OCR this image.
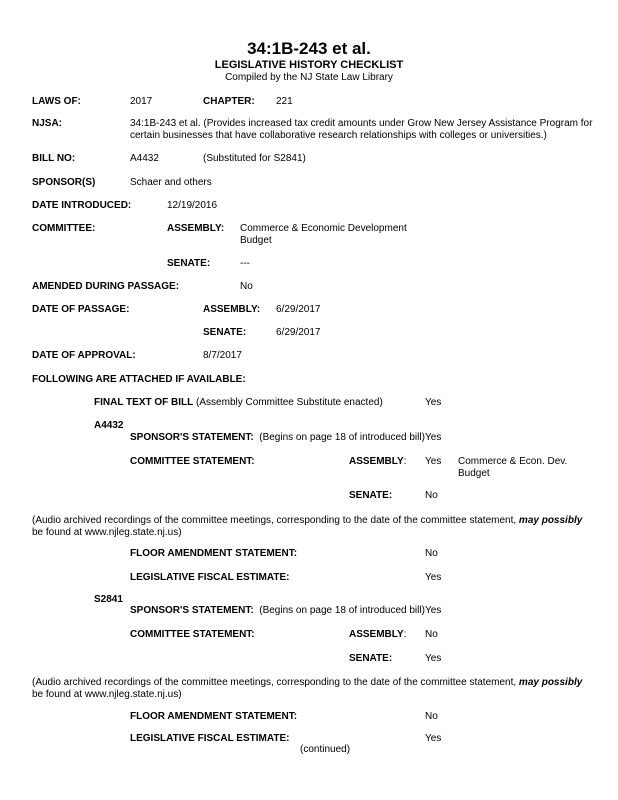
34:1B-243 et al.
LEGISLATIVE HISTORY CHECKLIST
Compiled by the NJ State Law Library
LAWS OF:	2017	CHAPTER: 221
NJSA:	34:1B-243 et al. (Provides increased tax credit amounts under Grow New Jersey Assistance Program for
certain businesses that have collaborative research relationships with colleges or universities.)
BILL NO:	A4432	(Substituted for S2841)
SPONSOR(S)	Schaer and others
DATE INTRODUCED:	12/19/2016
COMMITTEE:	ASSEMBLY: Commerce & Economic Development
Budget
SENATE:	---
AMENDED DURING PASSAGE:	No
DATE OF PASSAGE:	ASSEMBLY: 6/29/2017
SENATE:	6/29/2017
DATE OF APPROVAL:	8/7/2017
FOLLOWING ARE ATTACHED IF AVAILABLE:
FINAL TEXT OF BILL (Assembly Committee Substitute enacted)	Yes
A4432
SPONSOR'S STATEMENT: (Begins on page 18 of introduced bill) Yes
COMMITTEE STATEMENT:	ASSEMBLY: Yes Commerce & Econ. Dev.
Budget
SENATE:	No
(Audio archived recordings of the committee meetings, corresponding to the date of the committee statement, may possibly
be found at www.njleg.state.nj.us)
FLOOR AMENDMENT STATEMENT:	No
LEGISLATIVE FISCAL ESTIMATE:	Yes
S2841
SPONSOR'S STATEMENT: (Begins on page 18 of introduced bill) Yes
COMMITTEE STATEMENT:	ASSEMBLY: No
SENATE:	Yes
(Audio archived recordings of the committee meetings, corresponding to the date of the committee statement, may possibly
be found at www.njleg.state.nj.us)
FLOOR AMENDMENT STATEMENT:	No
LEGISLATIVE FISCAL ESTIMATE:	Yes
(continued)
